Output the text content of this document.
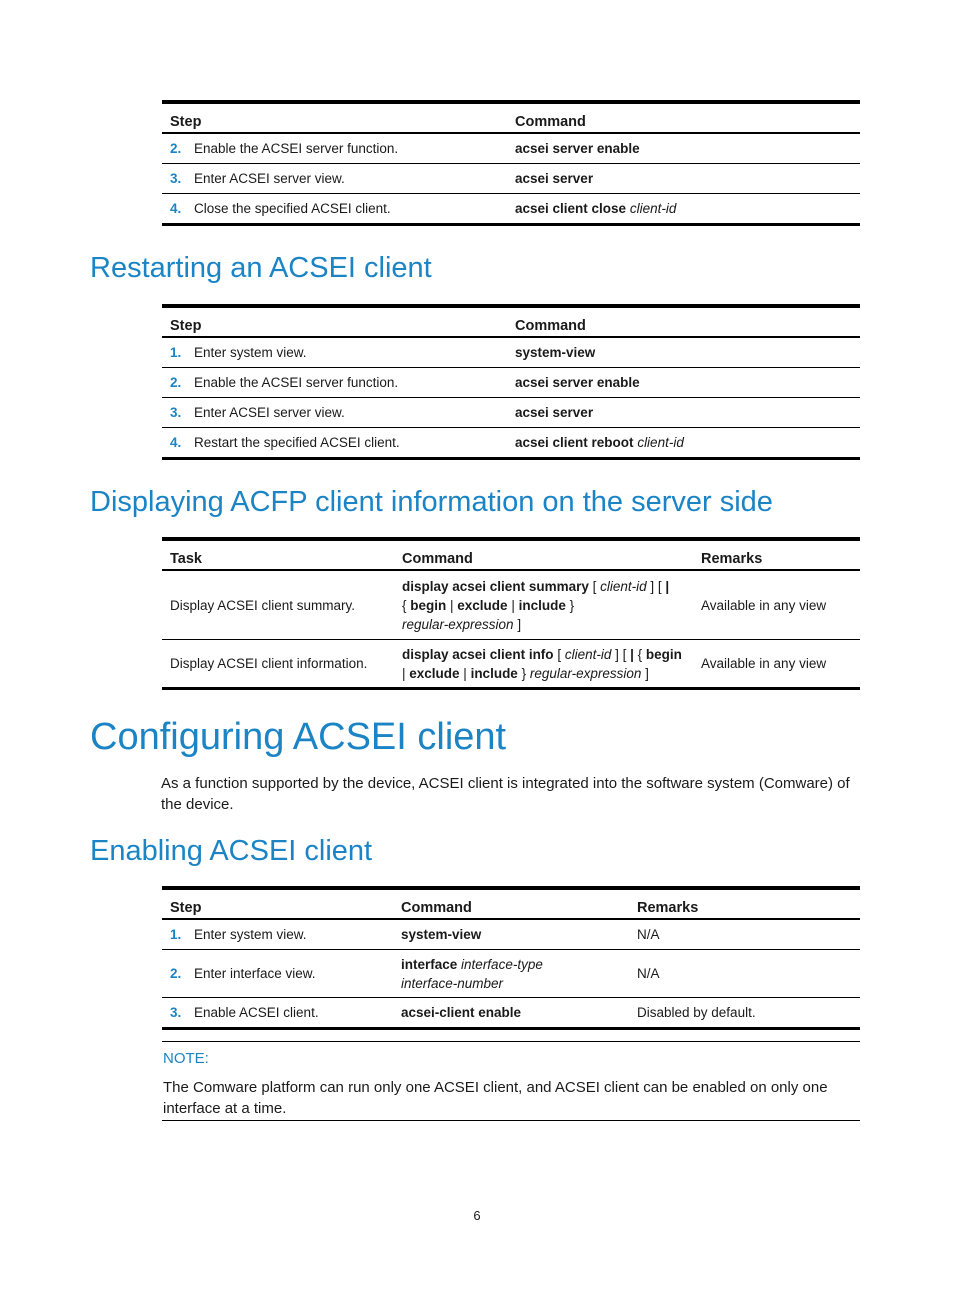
Step	Command
2. Enable the ACSEI server function.	acsei server enable
3. Enter ACSEI server view.	acsei server
4. Close the specified ACSEI client.	acsei client close client-id
Restarting an ACSEI client
Step	Command
1. Enter system view.	system-view
2. Enable the ACSEI server function.	acsei server enable
3. Enter ACSEI server view.	acsei server
4. Restart the specified ACSEI client.	acsei client reboot client-id
Displaying ACFP client information on the server side
Task	Command	Remarks
Display ACSEI client summary.	display acsei client summary [ client-id ] [ |
{ begin | exclude | include }
regular-expression ]	Available in any view
Display ACSEI client information.	display acsei client info [ client-id ] [ | { begin
| exclude | include } regular-expression ]	Available in any view
Configuring ACSEI client

As a function supported by the device, ACSEI client is integrated into the software system (Comware) of the device.

Enabling ACSEI client
Step	Command	Remarks
1. Enter system view.	system-view	N/A
2. Enter interface view.	interface interface-type
interface-number	N/A
3. Enable ACSEI client.	acsei-client enable	Disabled by default.
NOTE:
The Comware platform can run only one ACSEI client, and ACSEI client can be enabled on only one interface at a time.
6
